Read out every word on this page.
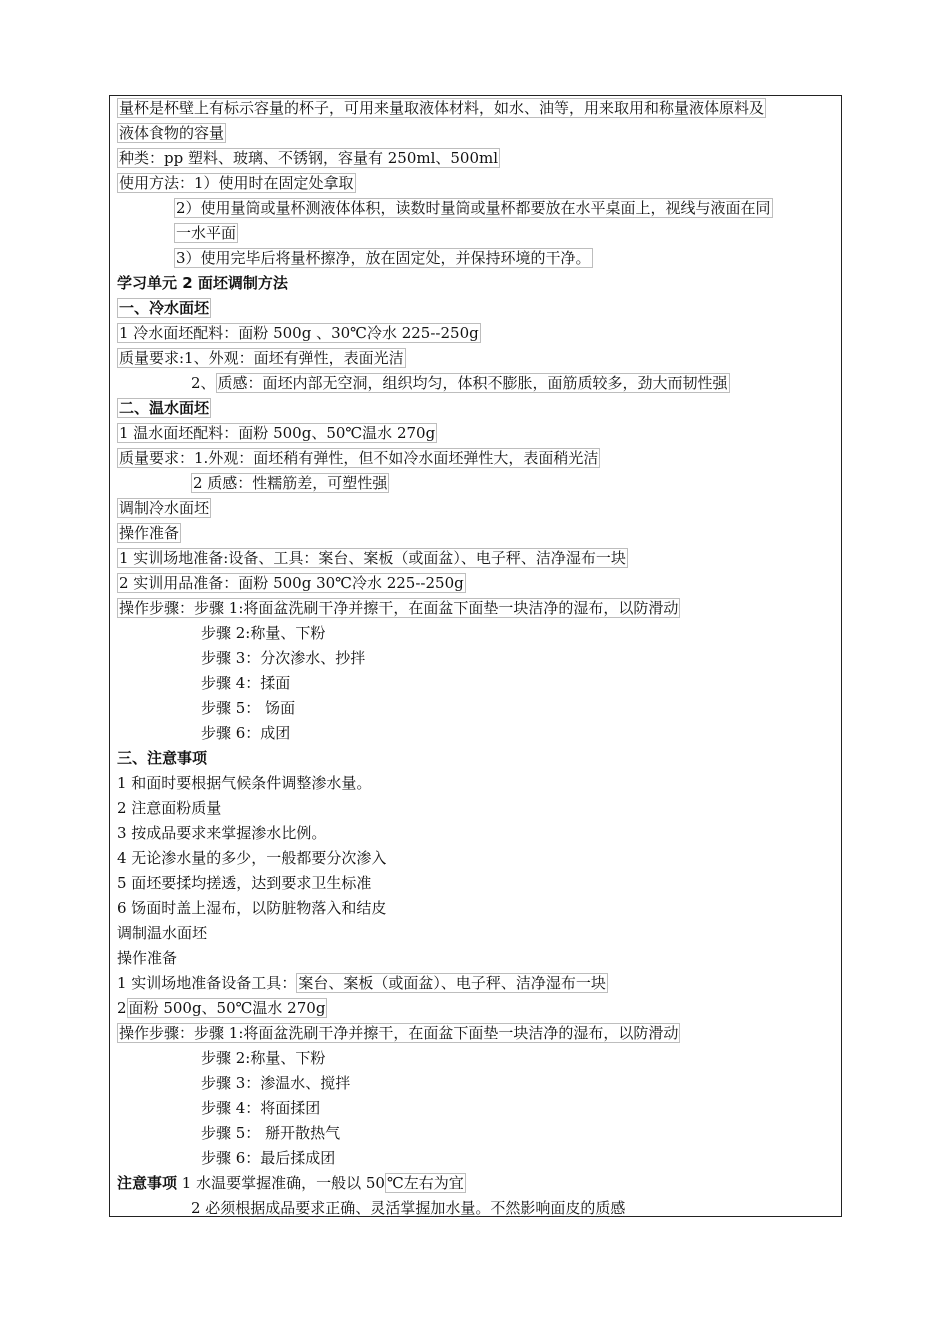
量杯是杯壁上有标示容量的杯子，可用来量取液体材料，如水、油等，用来取用和称量液体原料及
液体食物的容量
种类：pp 塑料、玻璃、不锈钢，容量有 250ml、500ml
使用方法：1）使用时在固定处拿取
2）使用量筒或量杯测液体体积，读数时量筒或量杯都要放在水平桌面上，视线与液面在同
一水平面
3）使用完毕后将量杯擦净，放在固定处，并保持环境的干净。
学习单元 2 面坯调制方法
一、冷水面坯
1 冷水面坯配料：面粉 500g 、30℃冷水 225--250g
质量要求:1、外观：面坯有弹性，表面光洁
2、 质感：面坯内部无空洞，组织均匀，体积不膨胀，面筋质较多，劲大而韧性强
二、温水面坯
1 温水面坯配料：面粉 500g、50℃温水 270g
质量要求：1.外观：面坯稍有弹性，但不如冷水面坯弹性大，表面稍光洁
2 质感：性糯筋差，可塑性强
调制冷水面坯
操作准备
1 实训场地准备:设备、工具：案台、案板（或面盆）、电子秤、洁净湿布一块
2 实训用品准备：面粉 500g 30℃冷水 225--250g
操作步骤：步骤 1:将面盆洗刷干净并擦干，在面盆下面垫一块洁净的湿布，以防滑动
步骤 2:称量、下粉
步骤 3：分次渗水、抄拌
步骤 4：揉面
步骤 5： 饧面
步骤 6：成团
三、注意事项
1 和面时要根据气候条件调整渗水量。
2 注意面粉质量
3 按成品要求来掌握渗水比例。
4 无论渗水量的多少，一般都要分次渗入
5 面坯要揉均搓透，达到要求卫生标准
6 饧面时盖上湿布，以防脏物落入和结皮
调制温水面坯
操作准备
1 实训场地准备设备工具： 案台、案板（或面盆）、电子秤、洁净湿布一块
2 面粉 500g、50℃温水 270g
操作步骤：步骤 1:将面盆洗刷干净并擦干，在面盆下面垫一块洁净的湿布，以防滑动
步骤 2:称量、下粉
步骤 3：渗温水、搅拌
步骤 4：将面揉团
步骤 5： 掰开散热气
步骤 6：最后揉成团
注意事项 1 水温要掌握准确，一般以 50 ℃左右为宜
2 必须根据成品要求正确、灵活掌握加水量。不然影响面皮的质感
